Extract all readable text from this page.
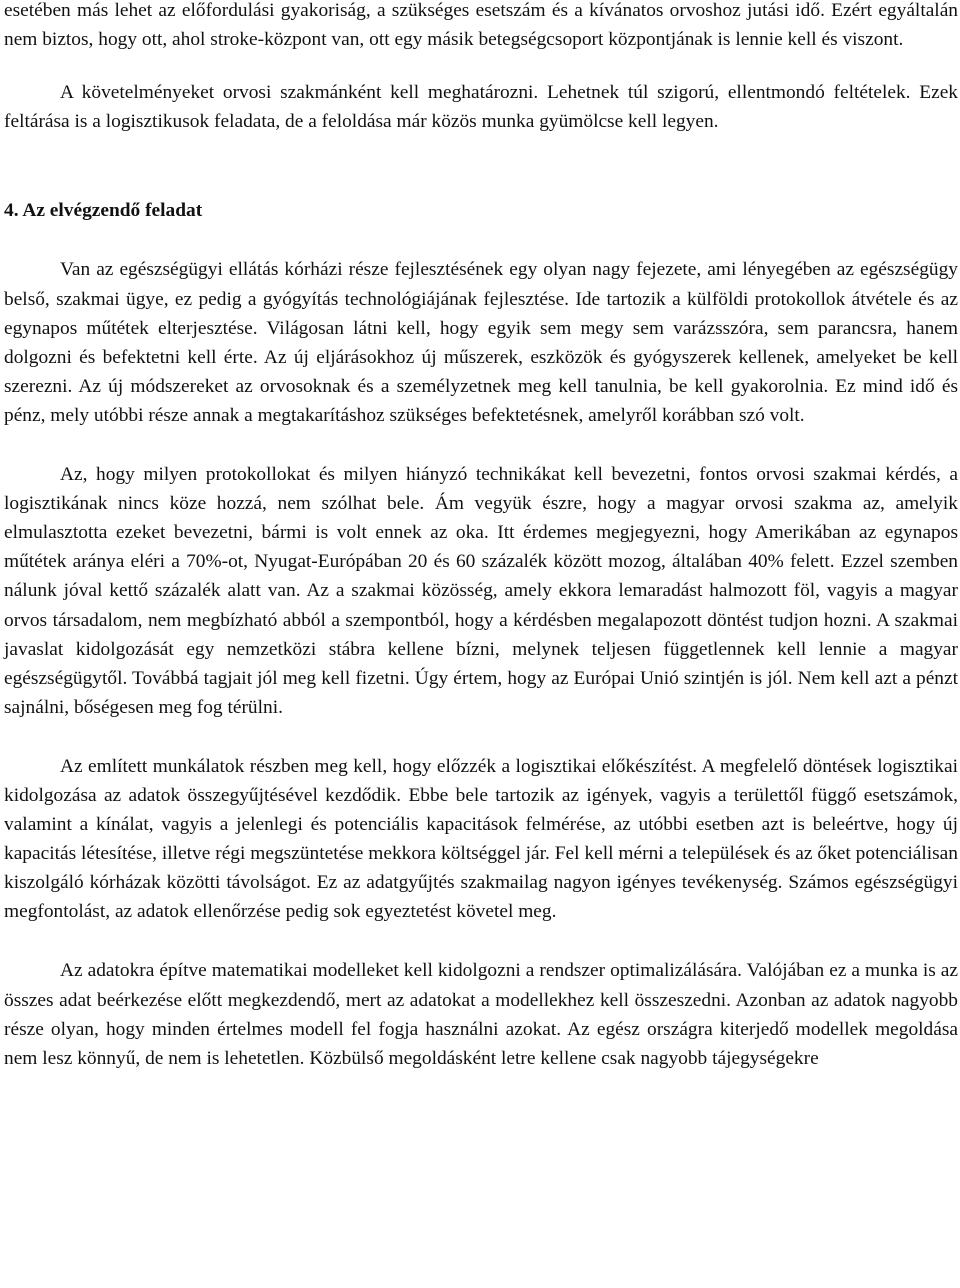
esetében más lehet az előfordulási gyakoriság, a szükséges esetszám és a kívánatos orvoshoz jutási idő. Ezért egyáltalán nem biztos, hogy ott, ahol stroke-központ van, ott egy másik betegségcsoport központjának is lennie kell és viszont.

A követelményeket orvosi szakmánként kell meghatározni. Lehetnek túl szigorú, ellentmondó feltételek. Ezek feltárása is a logisztikusok feladata, de a feloldása már közös munka gyümölcse kell legyen.

4. Az elvégzendő feladat

Van az egészségügyi ellátás kórházi része fejlesztésének egy olyan nagy fejezete, ami lényegében az egészségügy belső, szakmai ügye, ez pedig a gyógyítás technológiájának fejlesztése. Ide tartozik a külföldi protokollok átvétele és az egynapos műtétek elterjesztése. Világosan látni kell, hogy egyik sem megy sem varázsszóra, sem parancsra, hanem dolgozni és befektetni kell érte. Az új eljárásokhoz új műszerek, eszközök és gyógyszerek kellenek, amelyeket be kell szerezni. Az új módszereket az orvosoknak és a személyzetnek meg kell tanulnia, be kell gyakorolnia. Ez mind idő és pénz, mely utóbbi része annak a megtakarításhoz szükséges befektetésnek, amelyről korábban szó volt.

Az, hogy milyen protokollokat és milyen hiányzó technikákat kell bevezetni, fontos orvosi szakmai kérdés, a logisztikának nincs köze hozzá, nem szólhat bele. Ám vegyük észre, hogy a magyar orvosi szakma az, amelyik elmulasztotta ezeket bevezetni, bármi is volt ennek az oka. Itt érdemes megjegyezni, hogy Amerikában az egynapos műtétek aránya eléri a 70%-ot, Nyugat-Európában 20 és 60 százalék között mozog, általában 40% felett. Ezzel szemben nálunk jóval kettő százalék alatt van. Az a szakmai közösség, amely ekkora lemaradást halmozott föl, vagyis a magyar orvos társadalom, nem megbízható abból a szempontból, hogy a kérdésben megalapozott döntést tudjon hozni. A szakmai javaslat kidolgozását egy nemzetközi stábra kellene bízni, melynek teljesen függetlennek kell lennie a magyar egészségügytől. Továbbá tagjait jól meg kell fizetni. Úgy értem, hogy az Európai Unió szintjén is jól. Nem kell azt a pénzt sajnálni, bőségesen meg fog térülni.

Az említett munkálatok részben meg kell, hogy előzzék a logisztikai előkészítést. A megfelelő döntések logisztikai kidolgozása az adatok összegyűjtésével kezdődik. Ebbe bele tartozik az igények, vagyis a területtől függő esetszámok, valamint a kínálat, vagyis a jelenlegi és potenciális kapacitások felmérése, az utóbbi esetben azt is beleértve, hogy új kapacitás létesítése, illetve régi megszüntetése mekkora költséggel jár. Fel kell mérni a települések és az őket potenciálisan kiszolgáló kórházak közötti távolságot. Ez az adatgyűjtés szakmailag nagyon igényes tevékenység. Számos egészségügyi megfontolást, az adatok ellenőrzése pedig sok egyeztetést követel meg.

Az adatokra építve matematikai modelleket kell kidolgozni a rendszer optimalizálására. Valójában ez a munka is az összes adat beérkezése előtt megkezdendő, mert az adatokat a modellekhez kell összeszedni. Azonban az adatok nagyobb része olyan, hogy minden értelmes modell fel fogja használni azokat. Az egész országra kiterjedő modellek megoldása nem lesz könnyű, de nem is lehetetlen. Közbülső megoldásként letre kellene csak nagyobb tájegységekre
